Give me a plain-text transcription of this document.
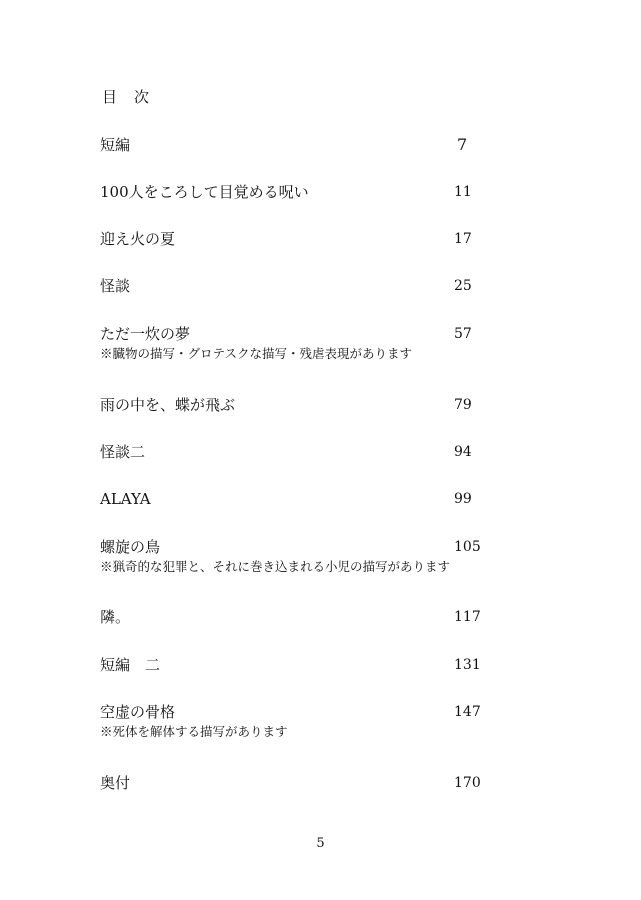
目　次
短編	7
100人をころして目覚める呪い	11
迎え火の夏	17
怪談	25
ただ一炊の夢	57
※臓物の描写・グロテスクな描写・残虐表現があります
雨の中を、蝶が飛ぶ	79
怪談二	94
ALAYA	99
螺旋の鳥	105
※猟奇的な犯罪と、それに巻き込まれる小児の描写があります
隣。	117
短編　二	131
空虚の骨格	147
※死体を解体する描写があります
奥付	170
5
